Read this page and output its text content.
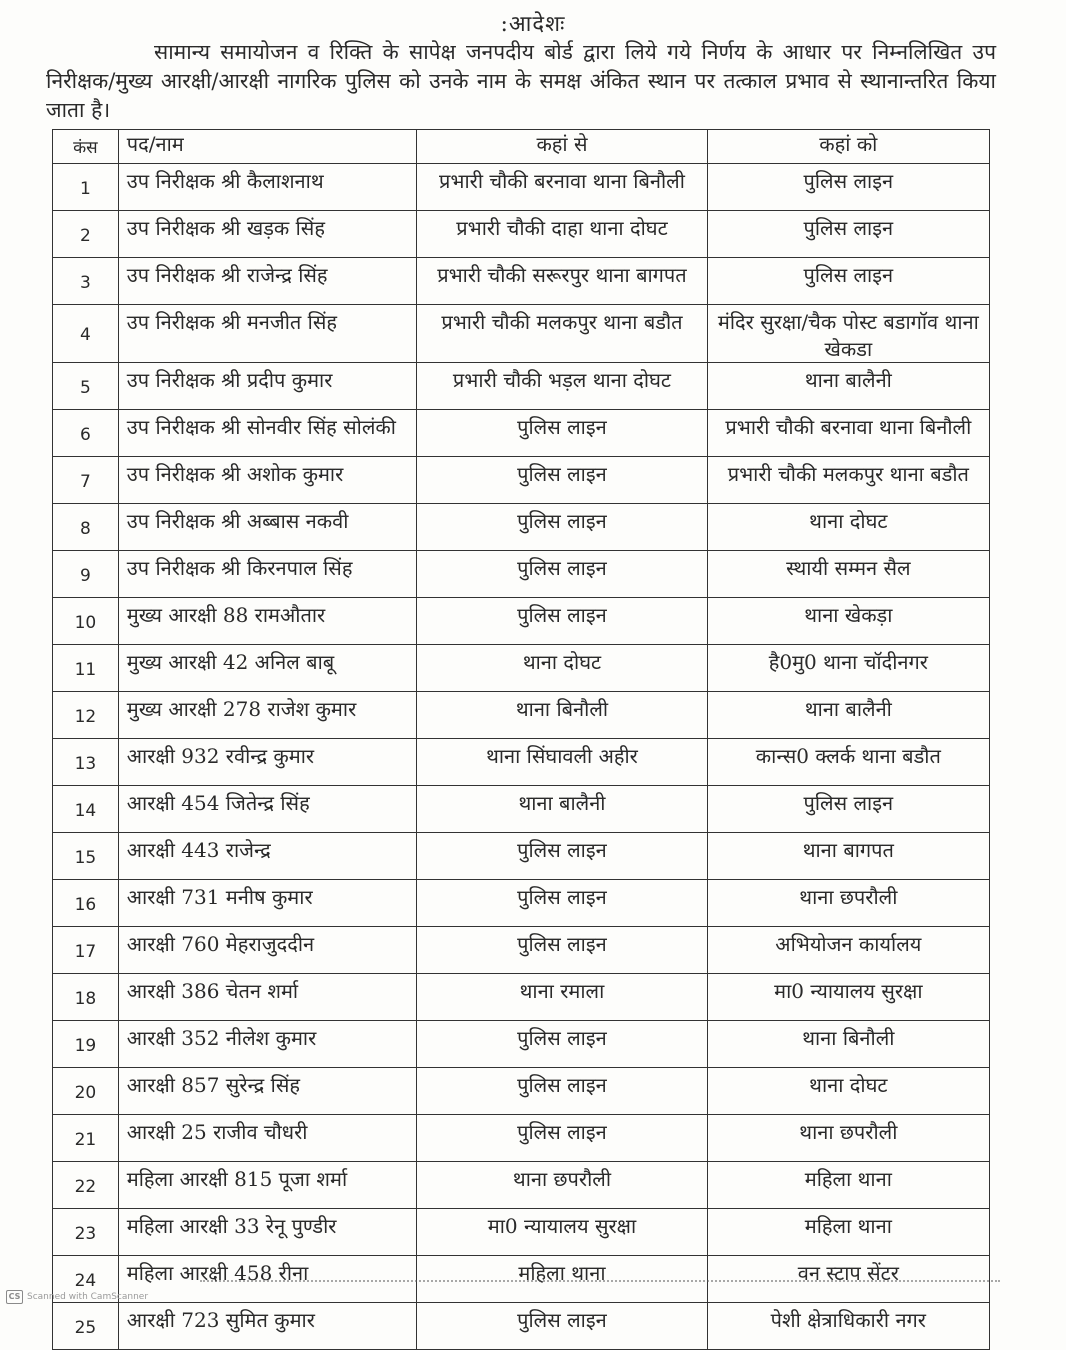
:आदेशः
सामान्य समायोजन व रिक्ति के सापेक्ष जनपदीय बोर्ड द्वारा लिये गये निर्णय के आधार पर निम्नलिखित उप निरीक्षक/मुख्य आरक्षी/आरक्षी नागरिक पुलिस को उनके नाम के समक्ष अंकित स्थान पर तत्काल प्रभाव से स्थानान्तरित किया जाता है।
कंस	पद/नाम	कहां से	कहां को
1	उप निरीक्षक श्री कैलाशनाथ	प्रभारी चौकी बरनावा थाना बिनौली	पुलिस लाइन
2	उप निरीक्षक श्री खड़क सिंह	प्रभारी चौकी दाहा थाना दोघट	पुलिस लाइन
3	उप निरीक्षक श्री राजेन्द्र सिंह	प्रभारी चौकी सरूरपुर थाना बागपत	पुलिस लाइन
4	उप निरीक्षक श्री मनजीत सिंह	प्रभारी चौकी मलकपुर थाना बडौत	मंदिर सुरक्षा/चैक पोस्ट बडागॉव थाना खेकडा
5	उप निरीक्षक श्री प्रदीप कुमार	प्रभारी चौकी भड़ल थाना दोघट	थाना बालैनी
6	उप निरीक्षक श्री सोनवीर सिंह सोलंकी	पुलिस लाइन	प्रभारी चौकी बरनावा थाना बिनौली
7	उप निरीक्षक श्री अशोक कुमार	पुलिस लाइन	प्रभारी चौकी मलकपुर थाना बडौत
8	उप निरीक्षक श्री अब्बास नकवी	पुलिस लाइन	थाना दोघट
9	उप निरीक्षक श्री किरनपाल सिंह	पुलिस लाइन	स्थायी सम्मन सैल
10	मुख्य आरक्षी 88 रामऔतार	पुलिस लाइन	थाना खेकड़ा
11	मुख्य आरक्षी 42 अनिल बाबू	थाना दोघट	है0मु0 थाना चॉदीनगर
12	मुख्य आरक्षी 278 राजेश कुमार	थाना बिनौली	थाना बालैनी
13	आरक्षी 932 रवीन्द्र कुमार	थाना सिंघावली अहीर	कान्स0 क्लर्क थाना बडौत
14	आरक्षी 454 जितेन्द्र सिंह	थाना बालैनी	पुलिस लाइन
15	आरक्षी 443 राजेन्द्र	पुलिस लाइन	थाना बागपत
16	आरक्षी 731 मनीष कुमार	पुलिस लाइन	थाना छपरौली
17	आरक्षी 760 मेहराजुददीन	पुलिस लाइन	अभियोजन कार्यालय
18	आरक्षी 386 चेतन शर्मा	थाना रमाला	मा0 न्यायालय सुरक्षा
19	आरक्षी 352 नीलेश कुमार	पुलिस लाइन	थाना बिनौली
20	आरक्षी 857 सुरेन्द्र सिंह	पुलिस लाइन	थाना दोघट
21	आरक्षी 25 राजीव चौधरी	पुलिस लाइन	थाना छपरौली
22	महिला आरक्षी 815 पूजा शर्मा	थाना छपरौली	महिला थाना
23	महिला आरक्षी 33 रेनू पुण्डीर	मा0 न्यायालय सुरक्षा	महिला थाना
24	महिला आरक्षी 458 रीना	महिला थाना	वन स्टाप सेंटर
25	आरक्षी 723 सुमित कुमार	पुलिस लाइन	पेशी क्षेत्राधिकारी नगर
CS Scanned with CamScanner
